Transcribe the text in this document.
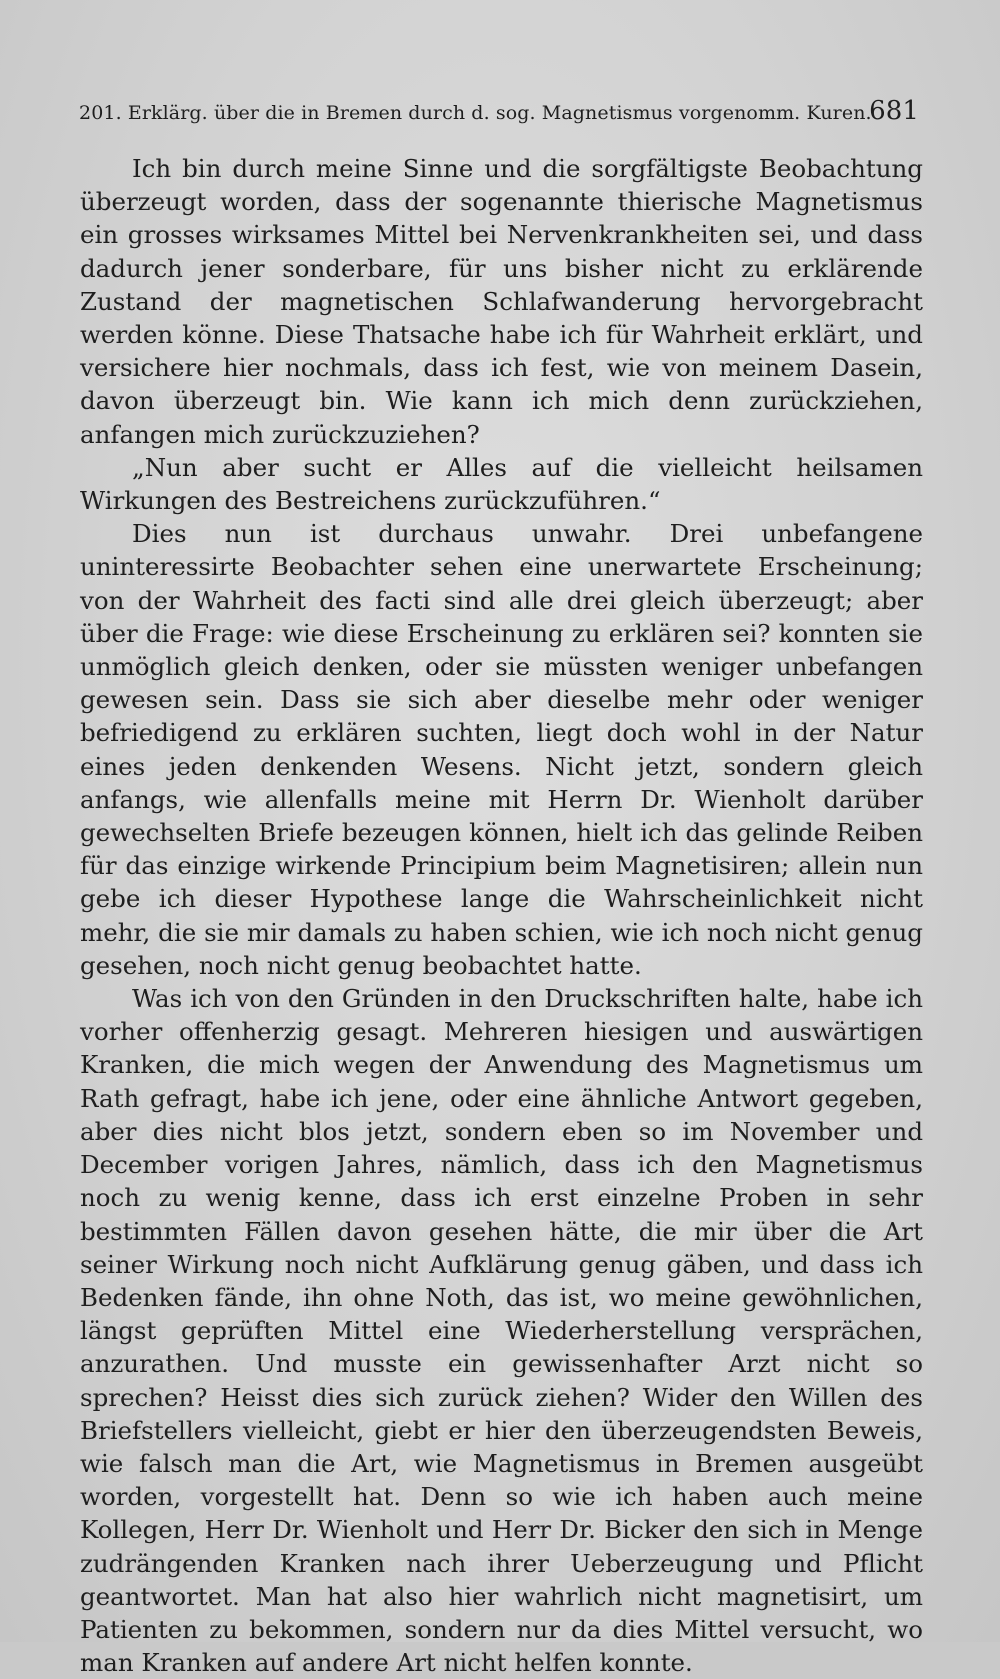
201. Erklärg. über die in Bremen durch d. sog. Magnetismus vorgenomm. Kuren.
681

Ich bin durch meine Sinne und die sorgfältigste Beobachtung überzeugt worden, dass der sogenannte thierische Magnetismus ein grosses wirksames Mittel bei Nervenkrankheiten sei, und dass dadurch jener sonderbare, für uns bisher nicht zu erklärende Zustand der magnetischen Schlafwanderung hervorgebracht werden könne. Diese Thatsache habe ich für Wahrheit erklärt, und versichere hier nochmals, dass ich fest, wie von meinem Dasein, davon überzeugt bin. Wie kann ich mich denn zurückziehen, anfangen mich zurückzuziehen?

„Nun aber sucht er Alles auf die vielleicht heilsamen Wirkungen des Bestreichens zurückzuführen.“

Dies nun ist durchaus unwahr. Drei unbefangene uninteressirte Beobachter sehen eine unerwartete Erscheinung; von der Wahrheit des facti sind alle drei gleich überzeugt; aber über die Frage: wie diese Erscheinung zu erklären sei? konnten sie unmöglich gleich denken, oder sie müssten weniger unbefangen gewesen sein. Dass sie sich aber dieselbe mehr oder weniger befriedigend zu erklären suchten, liegt doch wohl in der Natur eines jeden denkenden Wesens. Nicht jetzt, sondern gleich anfangs, wie allenfalls meine mit Herrn Dr. Wienholt darüber gewechselten Briefe bezeugen können, hielt ich das gelinde Reiben für das einzige wirkende Principium beim Magnetisiren; allein nun gebe ich dieser Hypothese lange die Wahrscheinlichkeit nicht mehr, die sie mir damals zu haben schien, wie ich noch nicht genug gesehen, noch nicht genug beobachtet hatte.

Was ich von den Gründen in den Druckschriften halte, habe ich vorher offenherzig gesagt. Mehreren hiesigen und auswärtigen Kranken, die mich wegen der Anwendung des Magnetismus um Rath gefragt, habe ich jene, oder eine ähnliche Antwort gegeben, aber dies nicht blos jetzt, sondern eben so im November und December vorigen Jahres, nämlich, dass ich den Magnetismus noch zu wenig kenne, dass ich erst einzelne Proben in sehr bestimmten Fällen davon gesehen hätte, die mir über die Art seiner Wirkung noch nicht Aufklärung genug gäben, und dass ich Bedenken fände, ihn ohne Noth, das ist, wo meine gewöhnlichen, längst geprüften Mittel eine Wiederherstellung versprächen, anzurathen. Und musste ein gewissenhafter Arzt nicht so sprechen? Heisst dies sich zurück ziehen? Wider den Willen des Briefstellers vielleicht, giebt er hier den überzeugendsten Beweis, wie falsch man die Art, wie Magnetismus in Bremen ausgeübt worden, vorgestellt hat. Denn so wie ich haben auch meine Kollegen, Herr Dr. Wienholt und Herr Dr. Bicker den sich in Menge zudrängenden Kranken nach ihrer Ueberzeugung und Pflicht geantwortet. Man hat also hier wahrlich nicht magnetisirt, um Patienten zu bekommen, sondern nur da dies Mittel versucht, wo man Kranken auf andere Art nicht helfen konnte.
